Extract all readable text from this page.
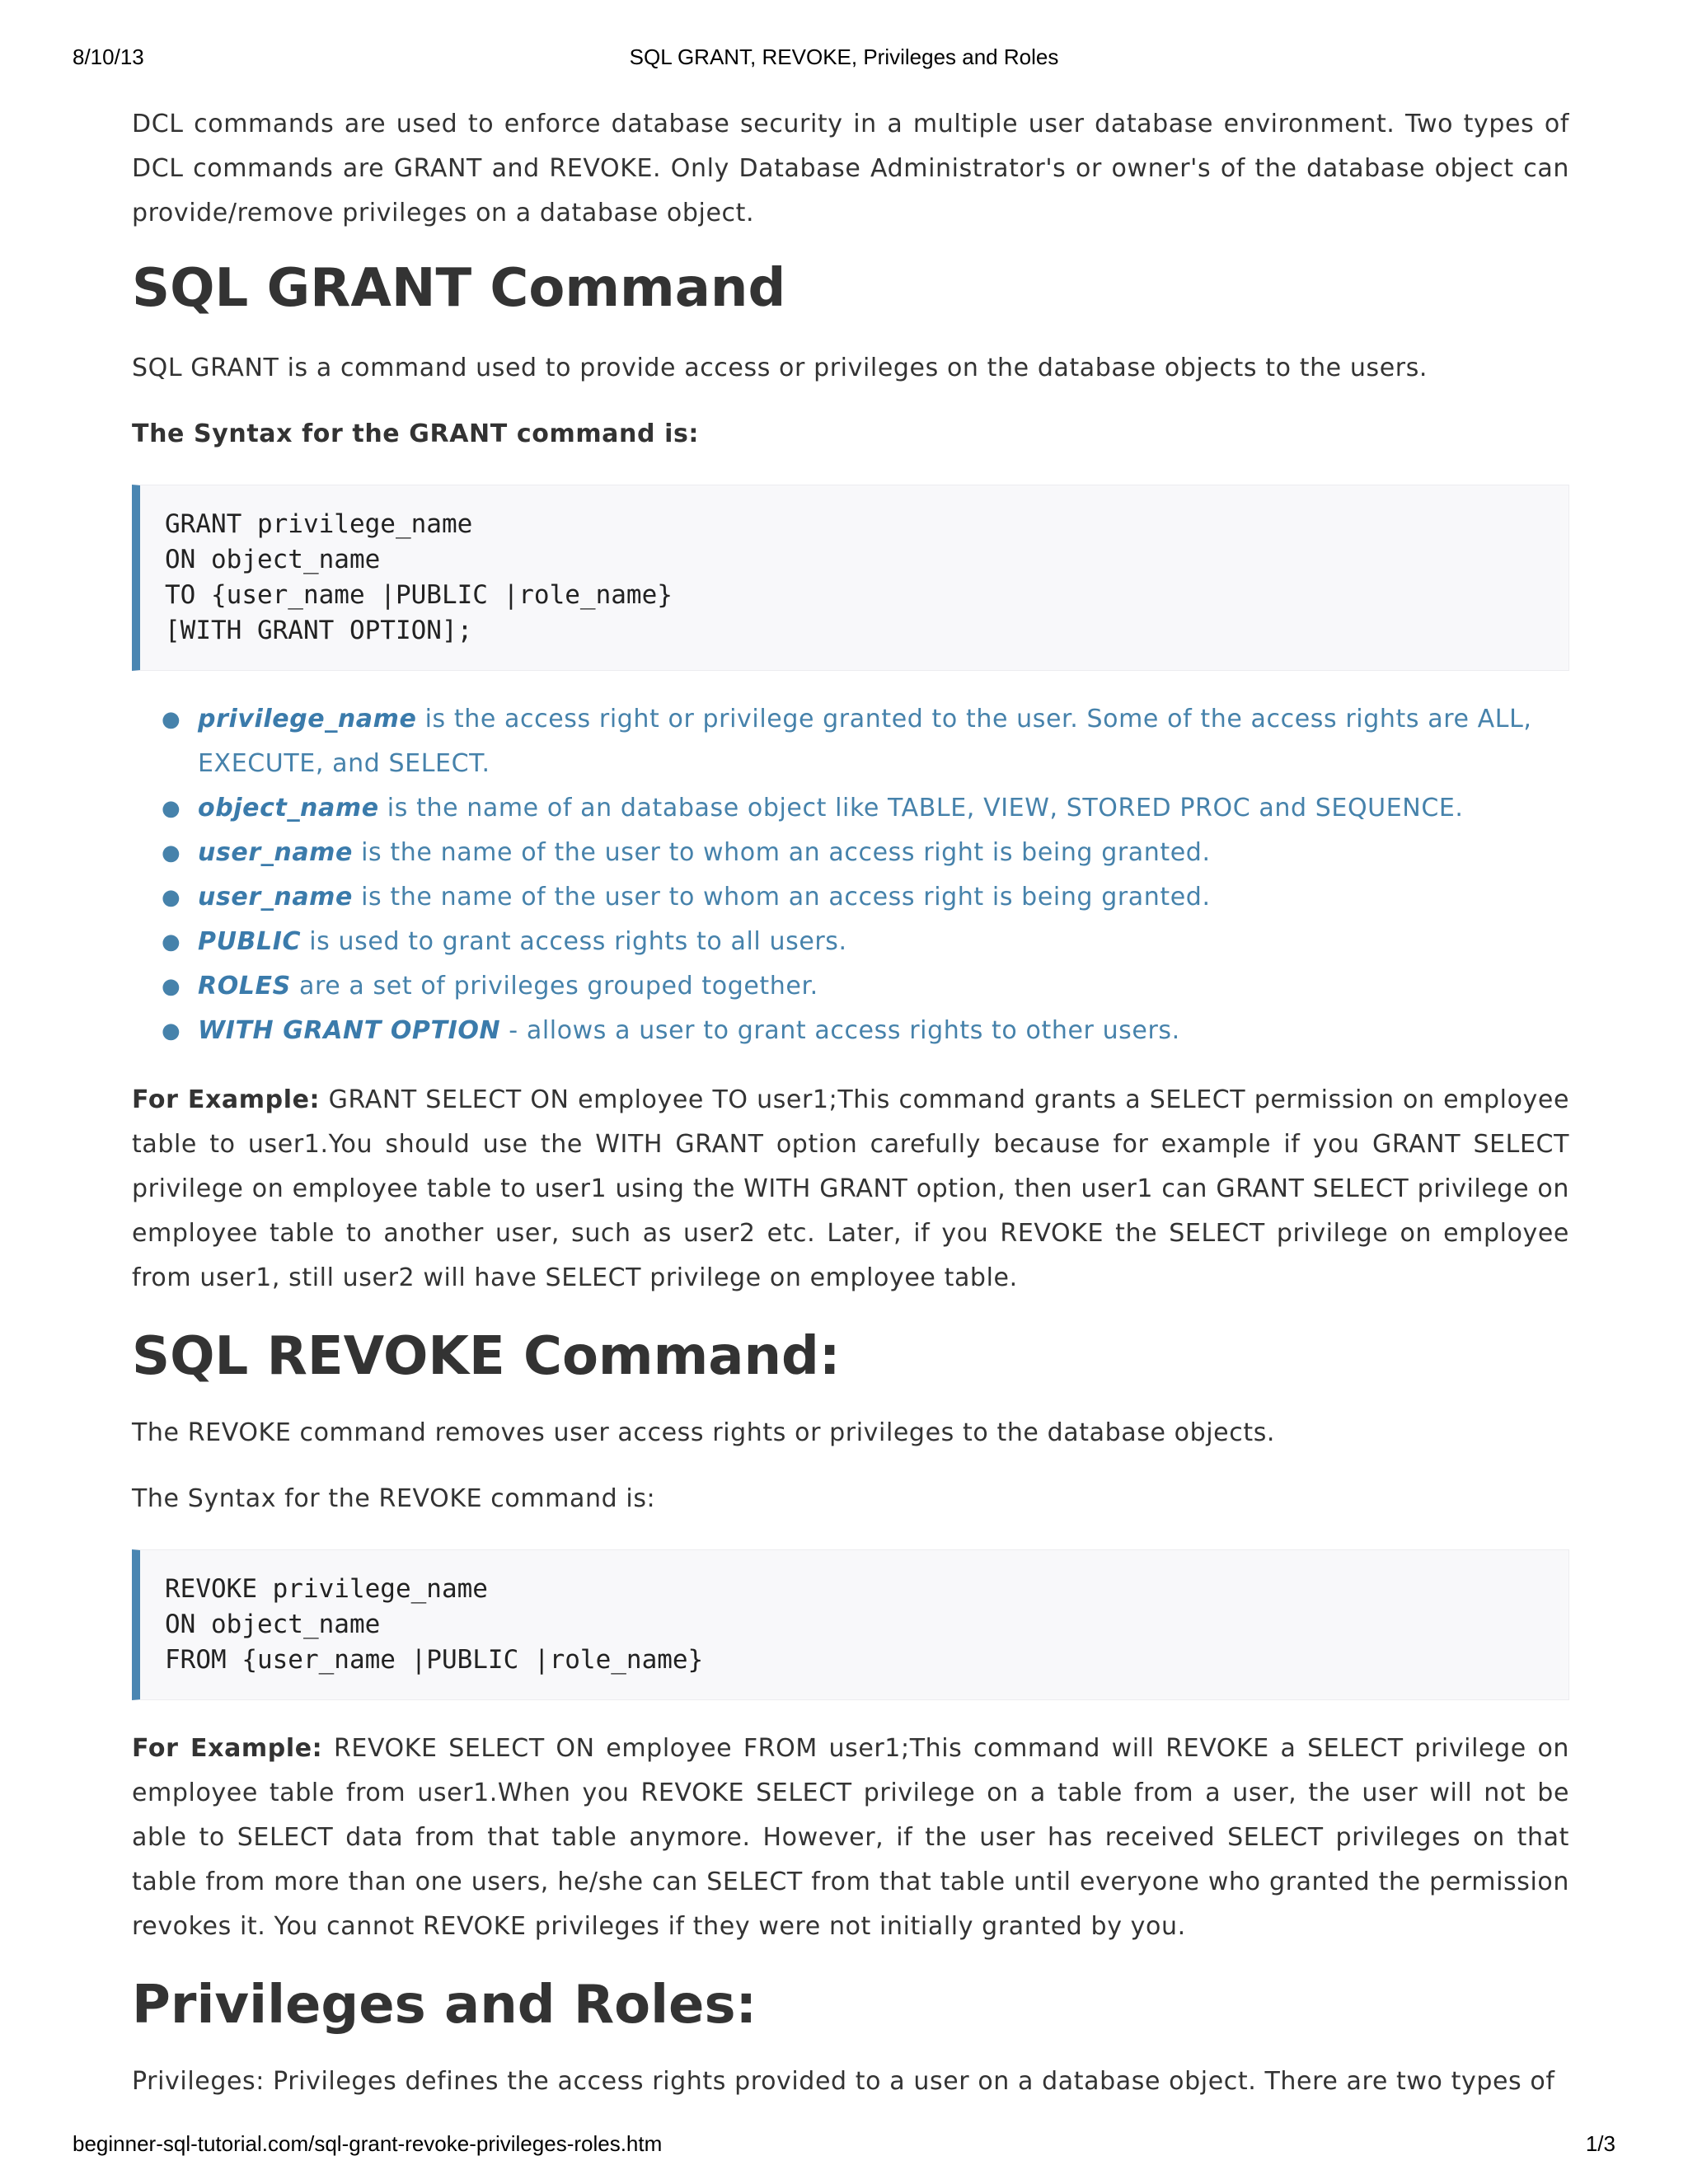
8/10/13	SQL GRANT, REVOKE, Privileges and Roles

DCL commands are used to enforce database security in a multiple user database environment. Two types of DCL commands are GRANT and REVOKE. Only Database Administrator's or owner's of the database object can provide/remove privileges on a database object.

SQL GRANT Command

SQL GRANT is a command used to provide access or privileges on the database objects to the users.

The Syntax for the GRANT command is:

GRANT privilege_name
ON object_name
TO {user_name |PUBLIC |role_name}
[WITH GRANT OPTION];
● privilege_name is the access right or privilege granted to the user. Some of the access rights are ALL, EXECUTE, and SELECT.
● object_name is the name of an database object like TABLE, VIEW, STORED PROC and SEQUENCE.
● user_name is the name of the user to whom an access right is being granted.
● user_name is the name of the user to whom an access right is being granted.
● PUBLIC is used to grant access rights to all users.
● ROLES are a set of privileges grouped together.
● WITH GRANT OPTION - allows a user to grant access rights to other users.

For Example: GRANT SELECT ON employee TO user1;This command grants a SELECT permission on employee table to user1.You should use the WITH GRANT option carefully because for example if you GRANT SELECT privilege on employee table to user1 using the WITH GRANT option, then user1 can GRANT SELECT privilege on employee table to another user, such as user2 etc. Later, if you REVOKE the SELECT privilege on employee from user1, still user2 will have SELECT privilege on employee table.

SQL REVOKE Command:

The REVOKE command removes user access rights or privileges to the database objects.

The Syntax for the REVOKE command is:

REVOKE privilege_name
ON object_name
FROM {user_name |PUBLIC |role_name}

For Example: REVOKE SELECT ON employee FROM user1;This command will REVOKE a SELECT privilege on employee table from user1.When you REVOKE SELECT privilege on a table from a user, the user will not be able to SELECT data from that table anymore. However, if the user has received SELECT privileges on that table from more than one users, he/she can SELECT from that table until everyone who granted the permission revokes it. You cannot REVOKE privileges if they were not initially granted by you.

Privileges and Roles:

Privileges: Privileges defines the access rights provided to a user on a database object. There are two types of

beginner-sql-tutorial.com/sql-grant-revoke-privileges-roles.htm	1/3
